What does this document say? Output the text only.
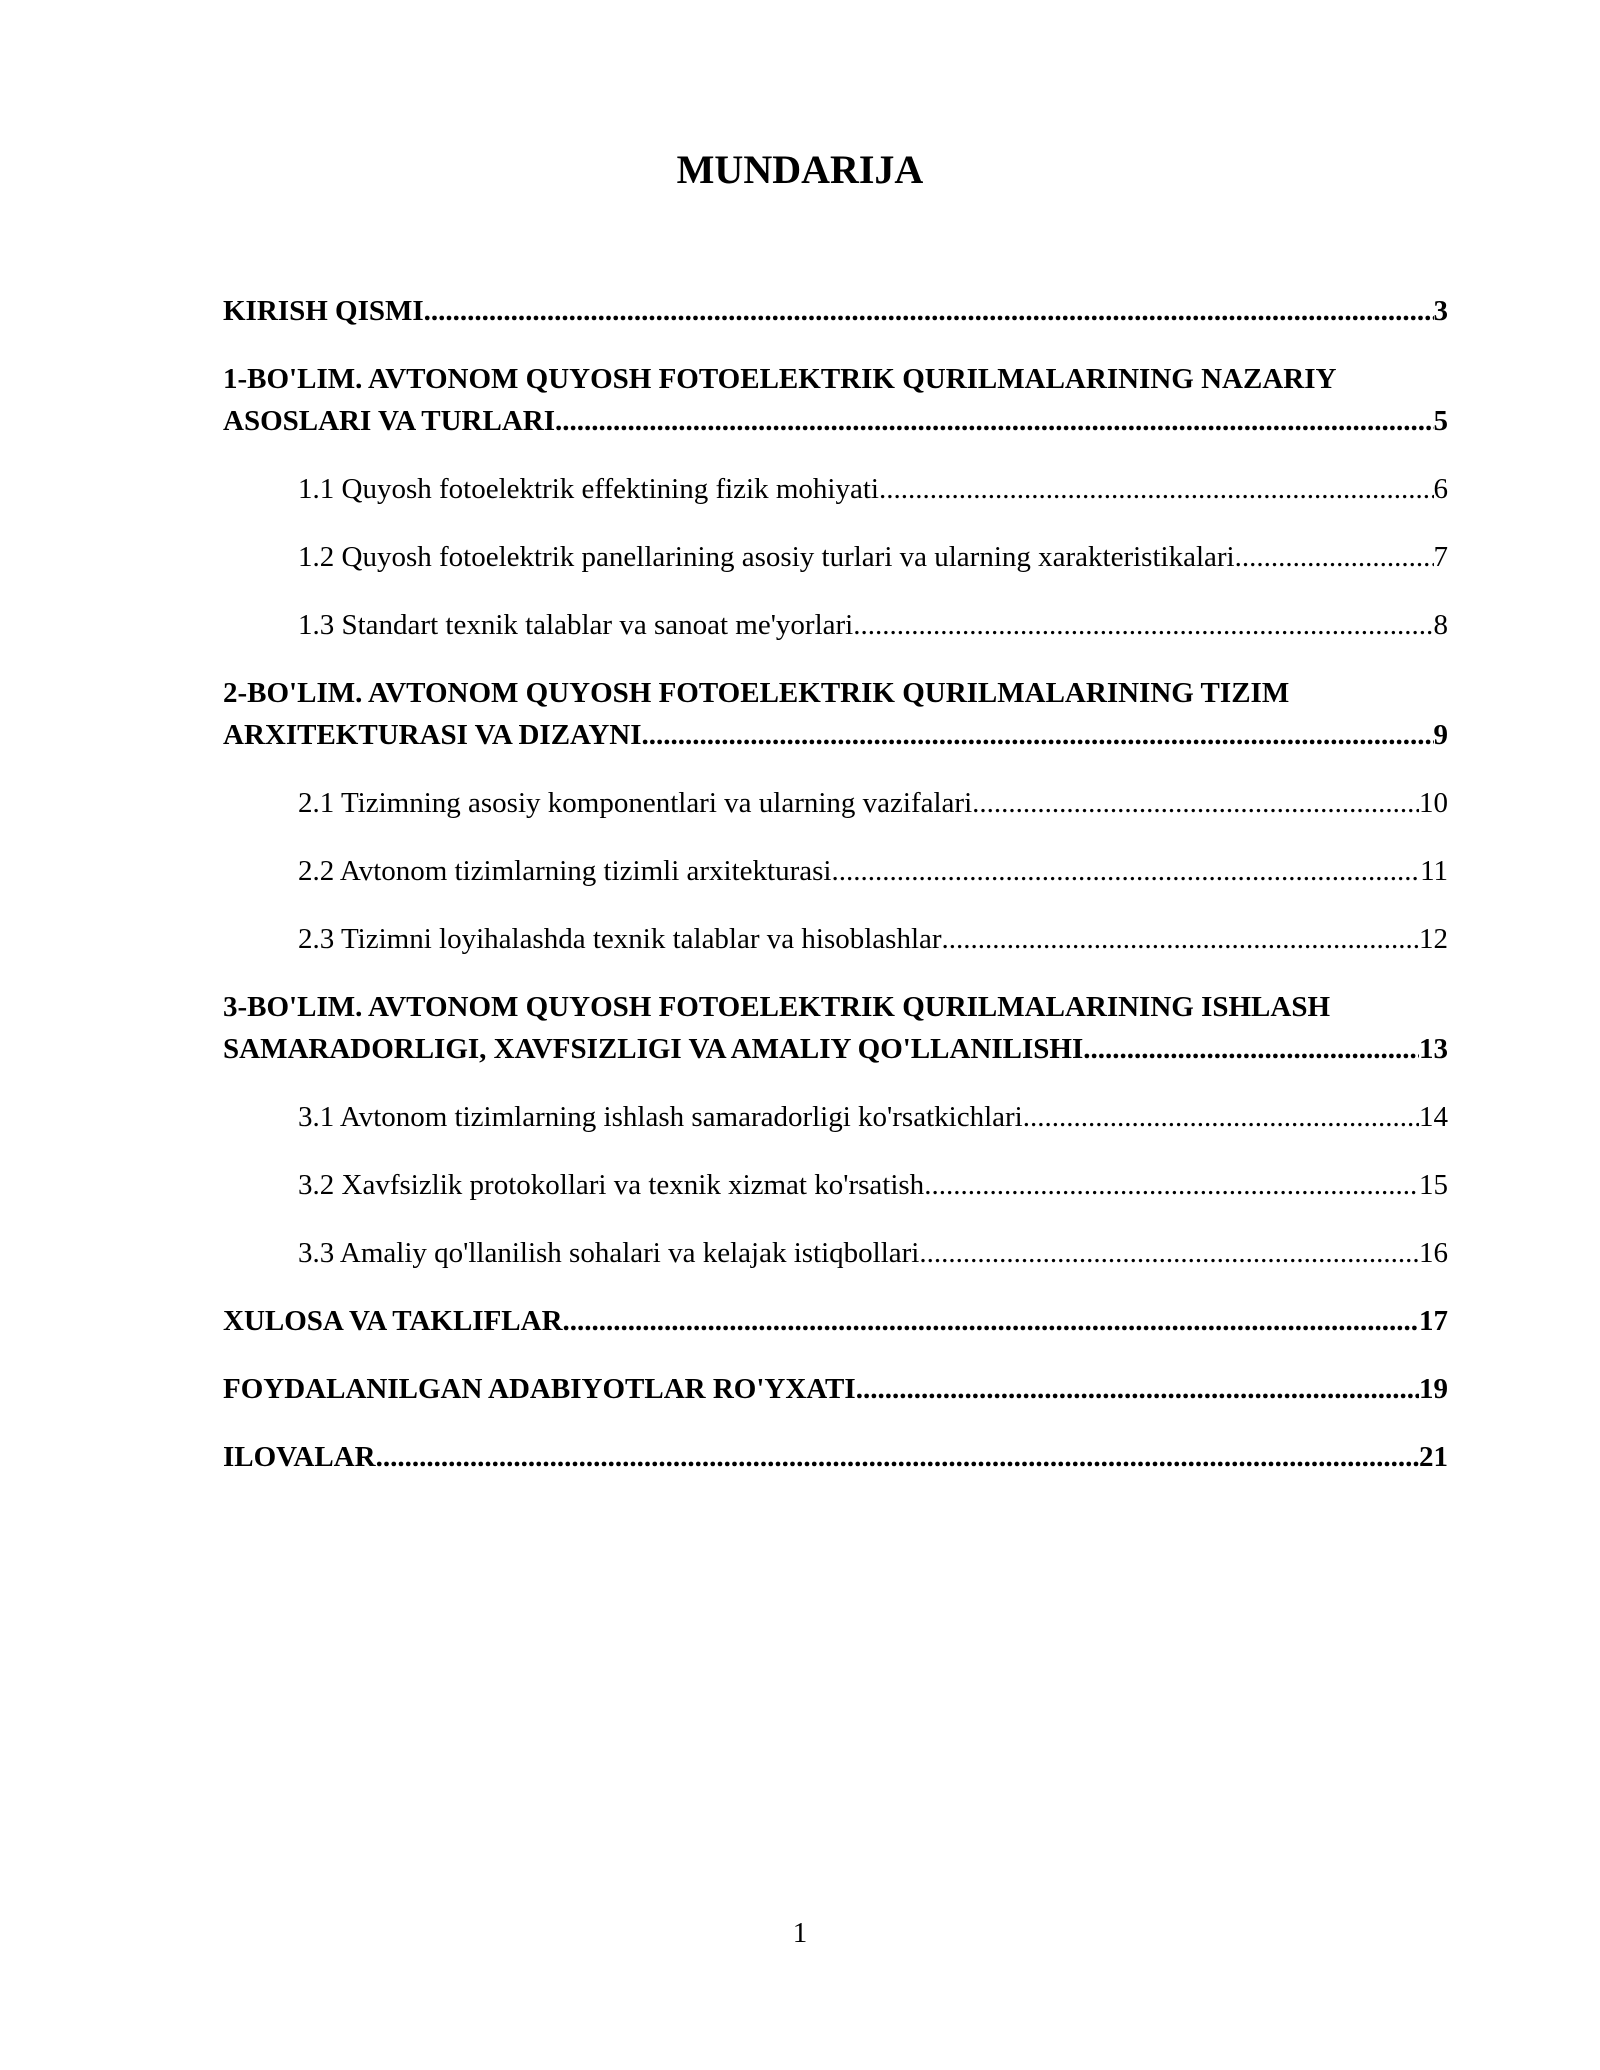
MUNDARIJA
KIRISH QISMI .....	3
1-BO'LIM. AVTONOM QUYOSH FOTOELEKTRIK QURILMALARINING NAZARIY
ASOSLARI VA TURLARI .....	5
1.1 Quyosh fotoelektrik effektining fizik mohiyati .....	6
1.2 Quyosh fotoelektrik panellarining asosiy turlari va ularning xarakteristikalari .....	7
1.3 Standart texnik talablar va sanoat me'yorlari .....	8
2-BO'LIM. AVTONOM QUYOSH FOTOELEKTRIK QURILMALARINING TIZIM
ARXITEKTURASI VA DIZAYNI .....	9
2.1 Tizimning asosiy komponentlari va ularning vazifalari .....	10
2.2 Avtonom tizimlarning tizimli arxitekturasi .....	11
2.3 Tizimni loyihalashda texnik talablar va hisoblashlar .....	12
3-BO'LIM. AVTONOM QUYOSH FOTOELEKTRIK QURILMALARINING ISHLASH
SAMARADORLIGI, XAVFSIZLIGI VA AMALIY QO'LLANILISHI .....	13
3.1 Avtonom tizimlarning ishlash samaradorligi ko'rsatkichlari .....	14
3.2 Xavfsizlik protokollari va texnik xizmat ko'rsatish .....	15
3.3 Amaliy qo'llanilish sohalari va kelajak istiqbollari .....	16
XULOSA VA TAKLIFLAR .....	17
FOYDALANILGAN ADABIYOTLAR RO'YXATI .....	19
ILOVALAR .....	21
1
